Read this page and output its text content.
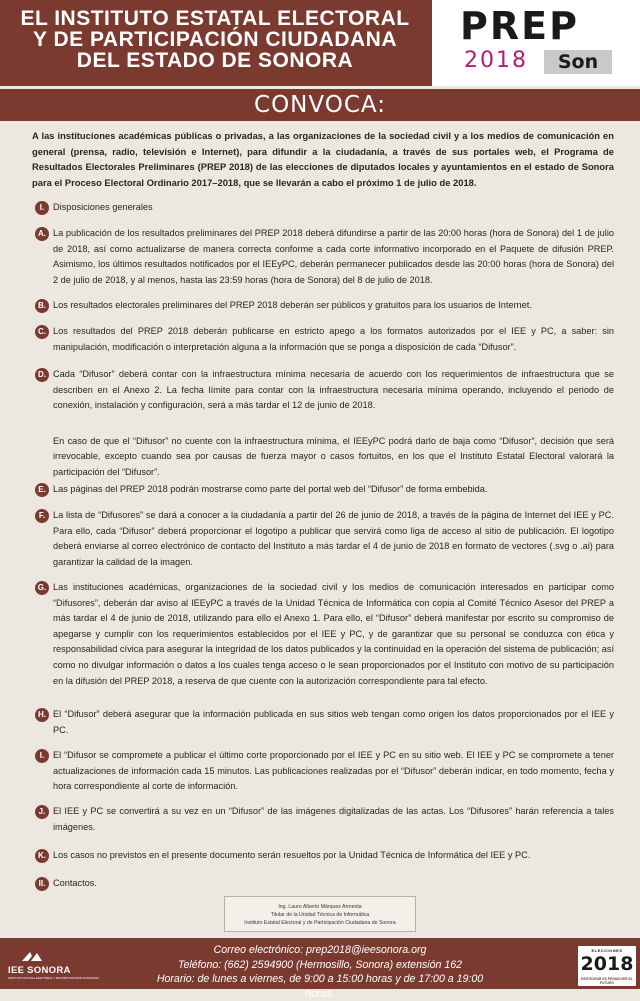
EL INSTITUTO ESTATAL ELECTORAL
Y DE PARTICIPACIÓN CIUDADANA
DEL ESTADO DE SONORA
PREP
2018	Son
CONVOCA:

A las instituciones académicas públicas o privadas, a las organizaciones de la sociedad civil y a los medios de comunicación en general (prensa, radio, televisión e Internet), para difundir a la ciudadanía, a través de sus portales web, el Programa de Resultados Electorales Preliminares (PREP 2018) de las elecciones de diputados locales y ayuntamientos en el estado de Sonora para el Proceso Electoral Ordinario 2017–2018, que se llevarán a cabo el próximo 1 de julio de 2018.

I. Disposiciones generales

A. La publicación de los resultados preliminares del PREP 2018 deberá difundirse a partir de las 20:00 horas (hora de Sonora) del 1 de julio de 2018, así como actualizarse de manera correcta conforme a cada corte informativo incorporado en el Paquete de difusión PREP. Asimismo, los últimos resultados notificados por el IEEyPC, deberán permanecer publicados desde las 20:00 horas (hora de Sonora) del 2 de julio de 2018, y al menos, hasta las 23:59 horas (hora de Sonora) del 8 de julio de 2018.

B. Los resultados electorales preliminares del PREP 2018 deberán ser públicos y gratuitos para los usuarios de Internet.

C. Los resultados del PREP 2018 deberán publicarse en estricto apego a los formatos autorizados por el IEE y PC, a saber: sin manipulación, modificación o interpretación alguna a la información que se ponga a disposición de cada “Difusor”.

D. Cada “Difusor” deberá contar con la infraestructura mínima necesaria de acuerdo con los requerimientos de infraestructura que se describen en el Anexo 2. La fecha límite para contar con la infraestructura necesaria mínima operando, incluyendo el periodo de conexión, instalación y configuración, será a más tardar el 12 de junio de 2018.

En caso de que el “Difusor” no cuente con la infraestructura mínima, el IEEyPC podrá darlo de baja como “Difusor”, decisión que será irrevocable, excepto cuando sea por causas de fuerza mayor o casos fortuitos, en los que el Instituto Estatal Electoral valorará la participación del “Difusor”.

E. Las páginas del PREP 2018 podrán mostrarse como parte del portal web del “Difusor” de forma embebida.

F. La lista de “Difusores” se dará a conocer a la ciudadanía a partir del 26 de junio de 2018, a través de la página de Internet del IEE y PC. Para ello, cada “Difusor” deberá proporcionar el logotipo a publicar que servirá como liga de acceso al sitio de publicación. El logotipo deberá enviarse al correo electrónico de contacto del Instituto a más tardar el 4 de junio de 2018 en formato de vectores (.svg o .ai) para garantizar la calidad de la imagen.

G. Las instituciones académicas, organizaciones de la sociedad civil y los medios de comunicación interesados en participar como “Difusores”, deberán dar aviso al IEEyPC a través de la Unidad Técnica de Informática con copia al Comité Técnico Asesor del PREP a más tardar el 4 de junio de 2018, utilizando para ello el Anexo 1. Para ello, el “Difusor” deberá manifestar por escrito su compromiso de apegarse y cumplir con los requerimientos establecidos por el IEE y PC, y de garantizar que su personal se conduzca con ética y responsabilidad cívica para asegurar la integridad de los datos publicados y la continuidad en la operación del sistema de publicación; así como no divulgar información o datos a los cuales tenga acceso o le sean proporcionados por el Instituto con motivo de su participación en la difusión del PREP 2018, a reserva de que cuente con la autorización correspondiente para tal efecto.

H. El “Difusor” deberá asegurar que la información publicada en sus sitios web tengan como origen los datos proporcionados por el IEE y PC.

I. El “Difusor se compromete a publicar el último corte proporcionado por el IEE y PC en su sitio web. El IEE y PC se compromete a tener actualizaciones de información cada 15 minutos. Las publicaciones realizadas por el “Difusor” deberán indicar, en todo momento, fecha y hora correspondiente al corte de información.

J. El IEE y PC se convertirá a su vez en un “Difusor” de las imágenes digitalizadas de las actas. Los “Difusores” harán referencia a tales imágenes.

K. Los casos no previstos en el presente documento serán resueltos por la Unidad Técnica de Informática del IEE y PC.

II. Contactos.

Ing. Lauro Alberto Márquez Armenta
Titular de la Unidad Técnica de Informática
Instituto Estatal Electoral y de Participación Ciudadana de Sonora
IEE SONORA
INSTITUTO ESTATAL ELECTORAL Y DE PARTICIPACIÓN CIUDADANA
Correo electrónico: prep2018@ieesonora.org
Teléfono: (662) 2594900 (Hermosillo, Sonora) extensión 162
Horario: de lunes a viernes, de 9:00 a 15:00 horas y de 17:00 a 19:00 horas.
ELECCIONES
2018
PARTICIPAR ES PROMOVER EL FUTURO
